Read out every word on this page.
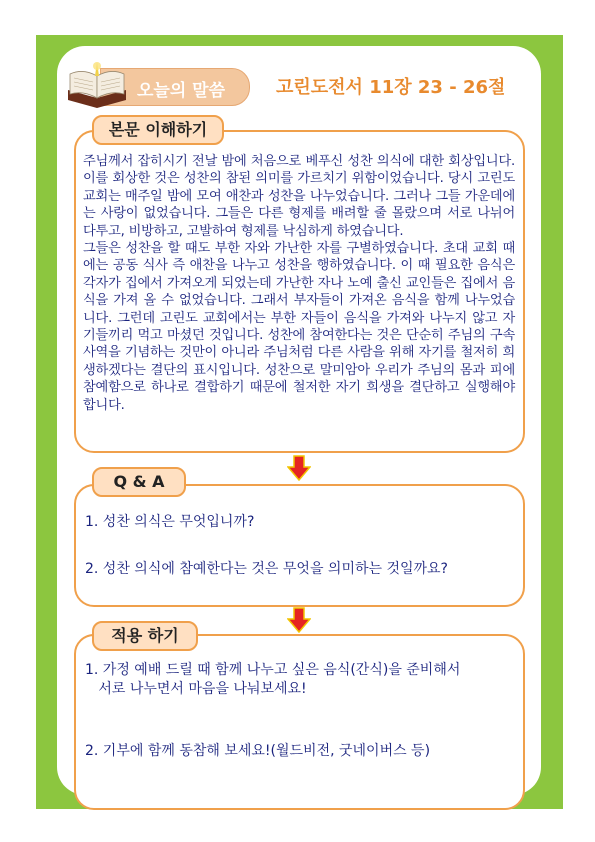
오늘의 말씀	고린도전서 11장 23 - 26절
본문 이해하기

주님께서 잡히시기 전날 밤에 처음으로 베푸신 성찬 의식에 대한 회상입니다. 이를 회상한 것은 성찬의 참된 의미를 가르치기 위함이었습니다. 당시 고린도 교회는 매주일 밤에 모여 애찬과 성찬을 나누었습니다. 그러나 그들 가운데에는 사랑이 없었습니다. 그들은 다른 형제를 배려할 줄 몰랐으며 서로 나뉘어 다투고, 비방하고, 고발하여 형제를 낙심하게 하였습니다.

그들은 성찬을 할 때도 부한 자와 가난한 자를 구별하였습니다. 초대 교회 때에는 공동 식사 즉 애찬을 나누고 성찬을 행하였습니다. 이 때 필요한 음식은 각자가 집에서 가져오게 되었는데 가난한 자나 노예 출신 교인들은 집에서 음식을 가져 올 수 없었습니다. 그래서 부자들이 가져온 음식을 함께 나누었습니다. 그런데 고린도 교회에서는 부한 자들이 음식을 가져와 나누지 않고 자기들끼리 먹고 마셨던 것입니다. 성찬에 참여한다는 것은 단순히 주님의 구속 사역을 기념하는 것만이 아니라 주님처럼 다른 사람을 위해 자기를 철저히 희생하겠다는 결단의 표시입니다. 성찬으로 말미암아 우리가 주님의 몸과 피에 참예함으로 하나로 결합하기 때문에 철저한 자기 희생을 결단하고 실행해야 합니다.

Q & A
1. 성찬 의식은 무엇입니까?
2. 성찬 의식에 참예한다는 것은 무엇을 의미하는 것일까요?
적용 하기
1. 가정 예배 드릴 때 함께 나누고 싶은 음식(간식)을 준비해서
서로 나누면서 마음을 나눠보세요!
2. 기부에 함께 동참해 보세요!(월드비전, 굿네이버스 등)
